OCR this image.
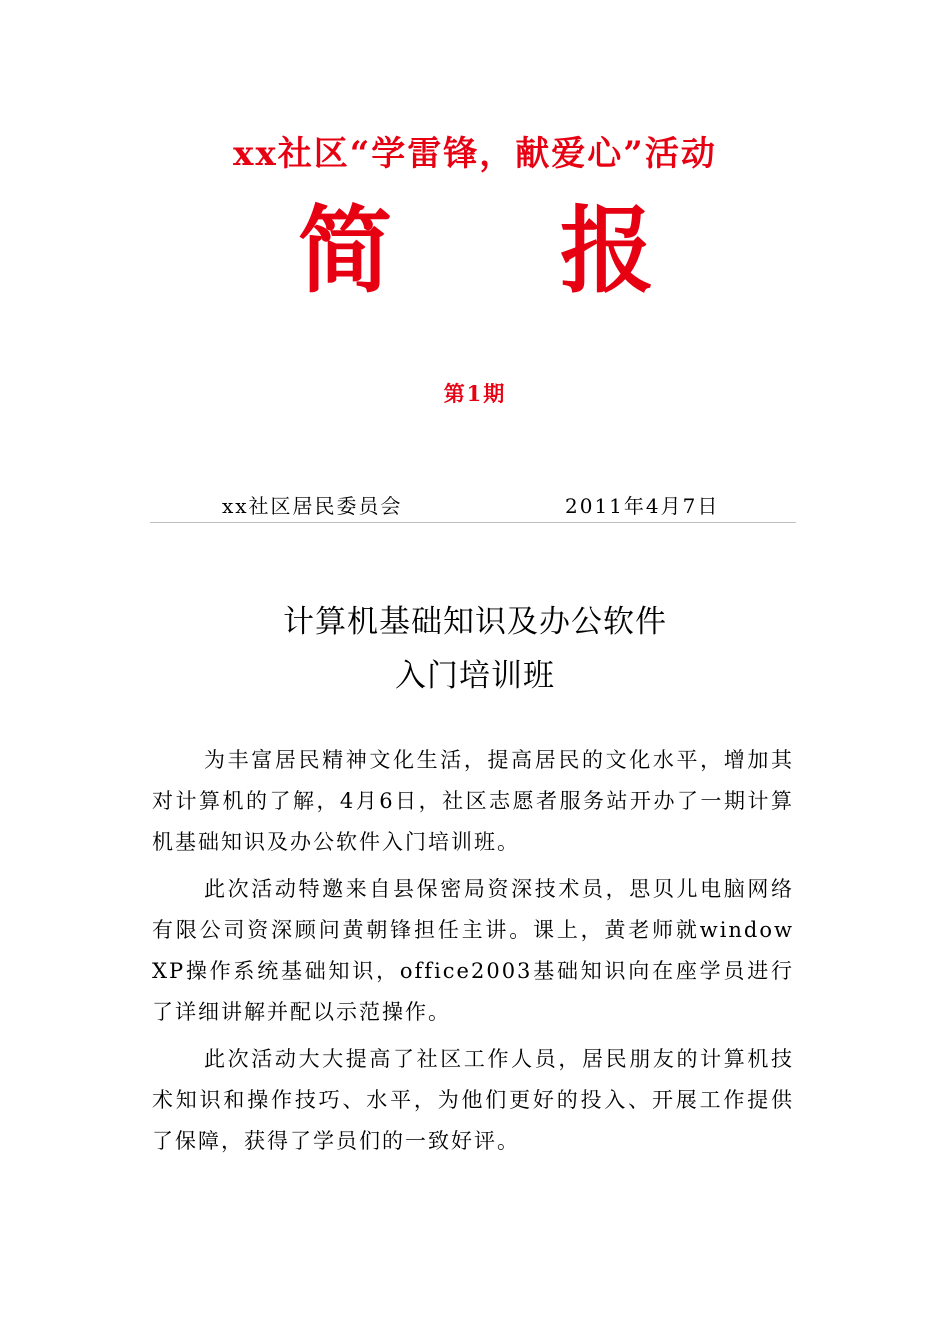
xx社区“学雷锋，献爱心”活动
简 报
第1期
xx社区居民委员会	2011年4月7日
计算机基础知识及办公软件
入门培训班

为丰富居民精神文化生活，提高居民的文化水平，增加其对计算机的了解，4月6日，社区志愿者服务站开办了一期计算机基础知识及办公软件入门培训班。

此次活动特邀来自县保密局资深技术员，思贝儿电脑网络有限公司资深顾问黄朝锋担任主讲。课上，黄老师就window XP操作系统基础知识，office2003基础知识向在座学员进行了详细讲解并配以示范操作。

此次活动大大提高了社区工作人员，居民朋友的计算机技术知识和操作技巧、水平，为他们更好的投入、开展工作提供了保障，获得了学员们的一致好评。
